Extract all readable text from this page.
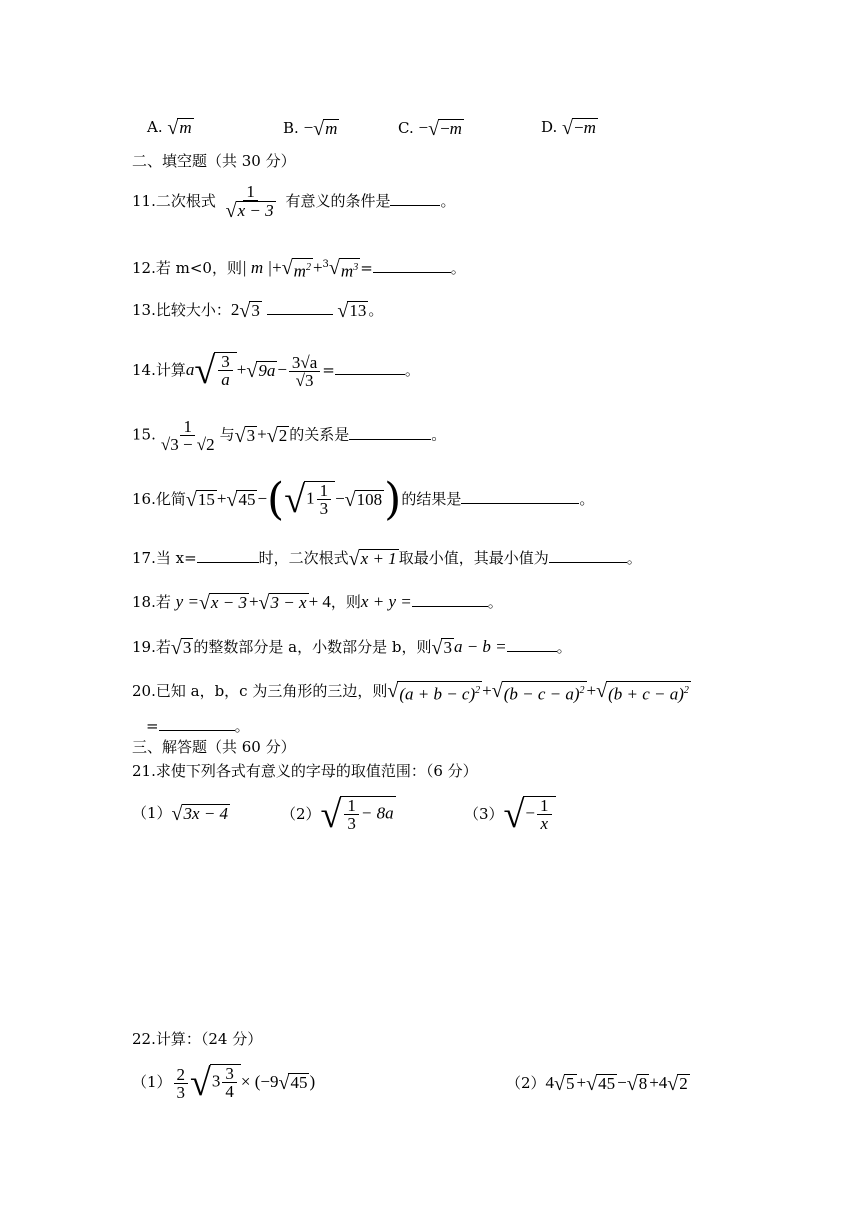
A. √ m	B. − √ m	C. − √ −m	D. √ −m
二、填空题（共 30 分）
11.二次根式 $\frac{1}{√ x - 3}$ 有意义的条件是	。
12.若 m<0，则| m |+ √ $m^2 +^3$ √ $m^3$ =	。
13.比较大小：2 √ 3
	√ 13 。
14.计算a √ $\frac{3}{a}$ + √ $9a - \frac{3√a}{√3}$ =	。
15. $\frac{1}{√3 - √2}$ 与 √ 3 + √ 2 的关系是	。
16.化简 √ 15 + √ 45 −( √ $1 \frac{1}{3}$ − √ 108 )的结果是	。
17.当 x=	时，二次根式 √ x + 1 取最小值，其最小值为	。
18.若 y = √ x − 3 + √ 3 − x + 4，则x + y =	。
19.若 √ 3 的整数部分是 a，小数部分是 b，则 √ 3 a − b =	。
20.已知 a，b，c 为三角形的三边，则 √ $(a + b - c)^2$ + √ $(b - c - a)^2$ + √ $(b + c - a)^2$
=	。
三、解答题（共 60 分）
21.求使下列各式有意义的字母的取值范围：（6 分）
（1） √ 3x − 4	（2） √ $\frac{1}{3} - 8a$	（3） √ − $\frac{1}{x}$
22.计算：（24 分）
$(1) \frac{2}{3}$ √ $3 \frac{3}{4} \times (-9$ √ 45 )	（2）4 √ 5 + √ 45 − √ 8 +4 √ 2
